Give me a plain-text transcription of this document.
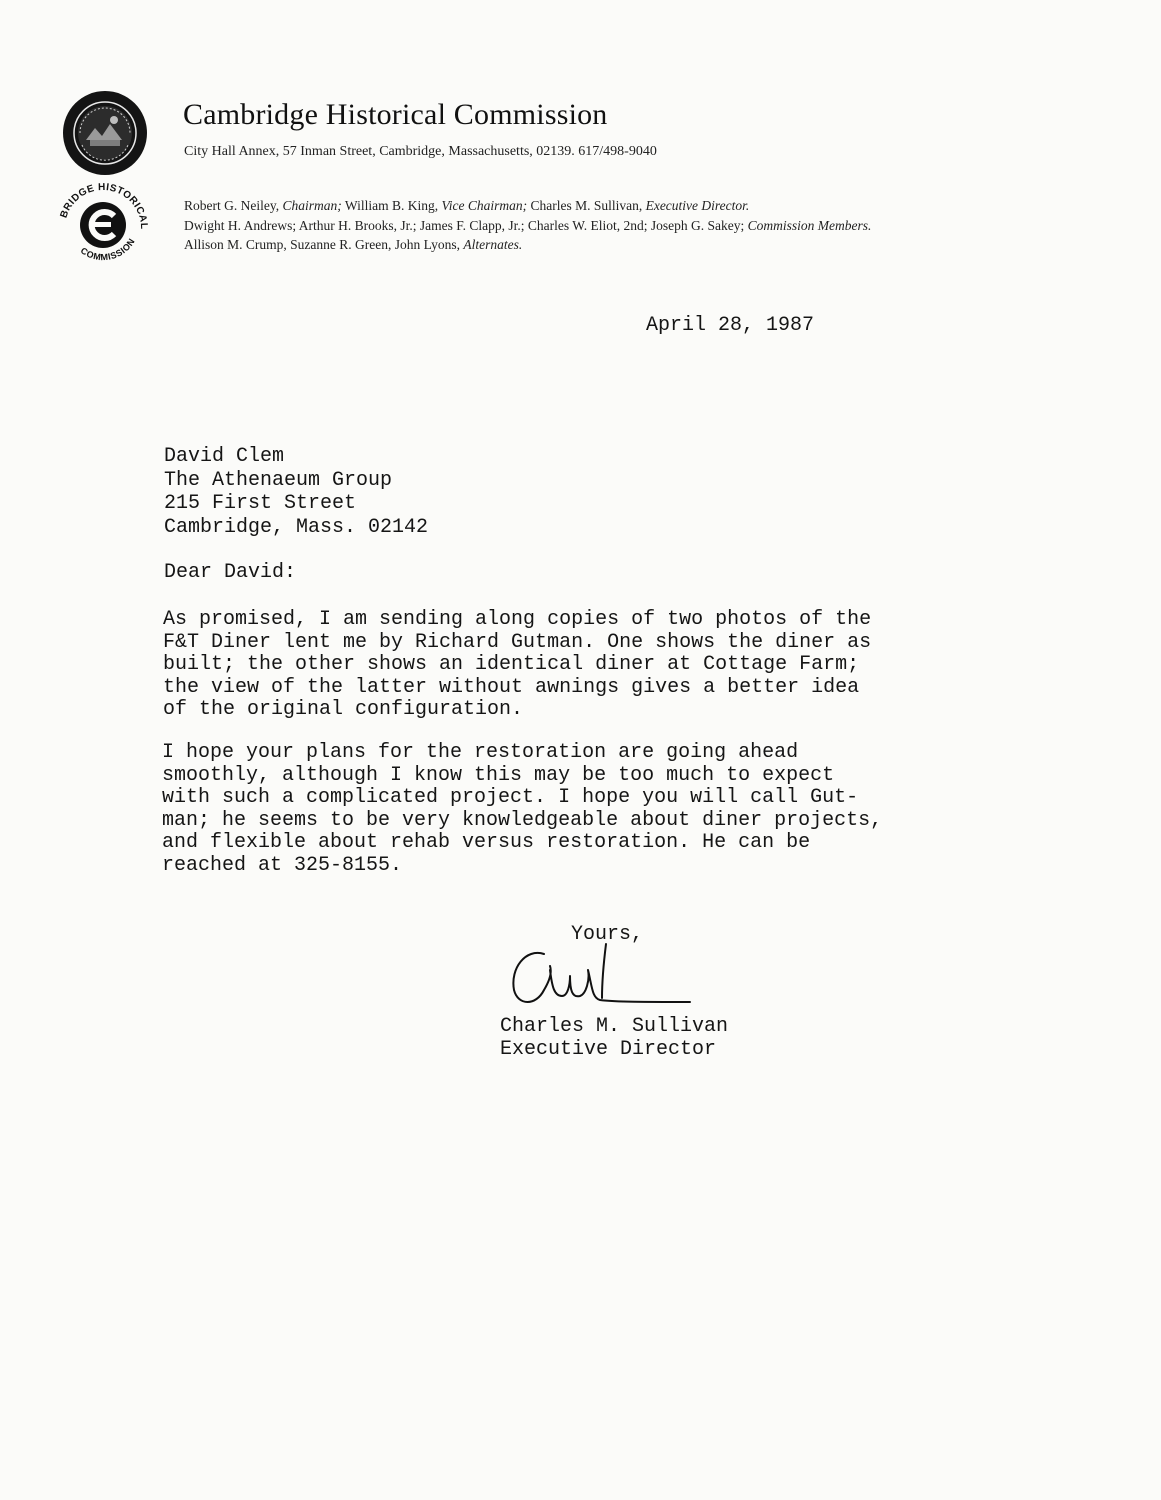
BRIDGE HISTORICAL
COMMISSION
Cambridge Historical Commission
City Hall Annex, 57 Inman Street, Cambridge, Massachusetts, 02139. 617/498-9040
Robert G. Neiley, Chairman; William B. King, Vice Chairman; Charles M. Sullivan, Executive Director.
Dwight H. Andrews; Arthur H. Brooks, Jr.; James F. Clapp, Jr.; Charles W. Eliot, 2nd; Joseph G. Sakey; Commission Members.
Allison M. Crump, Suzanne R. Green, John Lyons, Alternates.
April 28, 1987
David Clem
The Athenaeum Group
215 First Street
Cambridge, Mass. 02142
Dear David:
As promised, I am sending along copies of two photos of the
F&T Diner lent me by Richard Gutman. One shows the diner as
built; the other shows an identical diner at Cottage Farm;
the view of the latter without awnings gives a better idea
of the original configuration.
I hope your plans for the restoration are going ahead
smoothly, although I know this may be too much to expect
with such a complicated project. I hope you will call Gut-
man; he seems to be very knowledgeable about diner projects,
and flexible about rehab versus restoration. He can be
reached at 325-8155.
Yours,
Charles M. Sullivan
Executive Director
